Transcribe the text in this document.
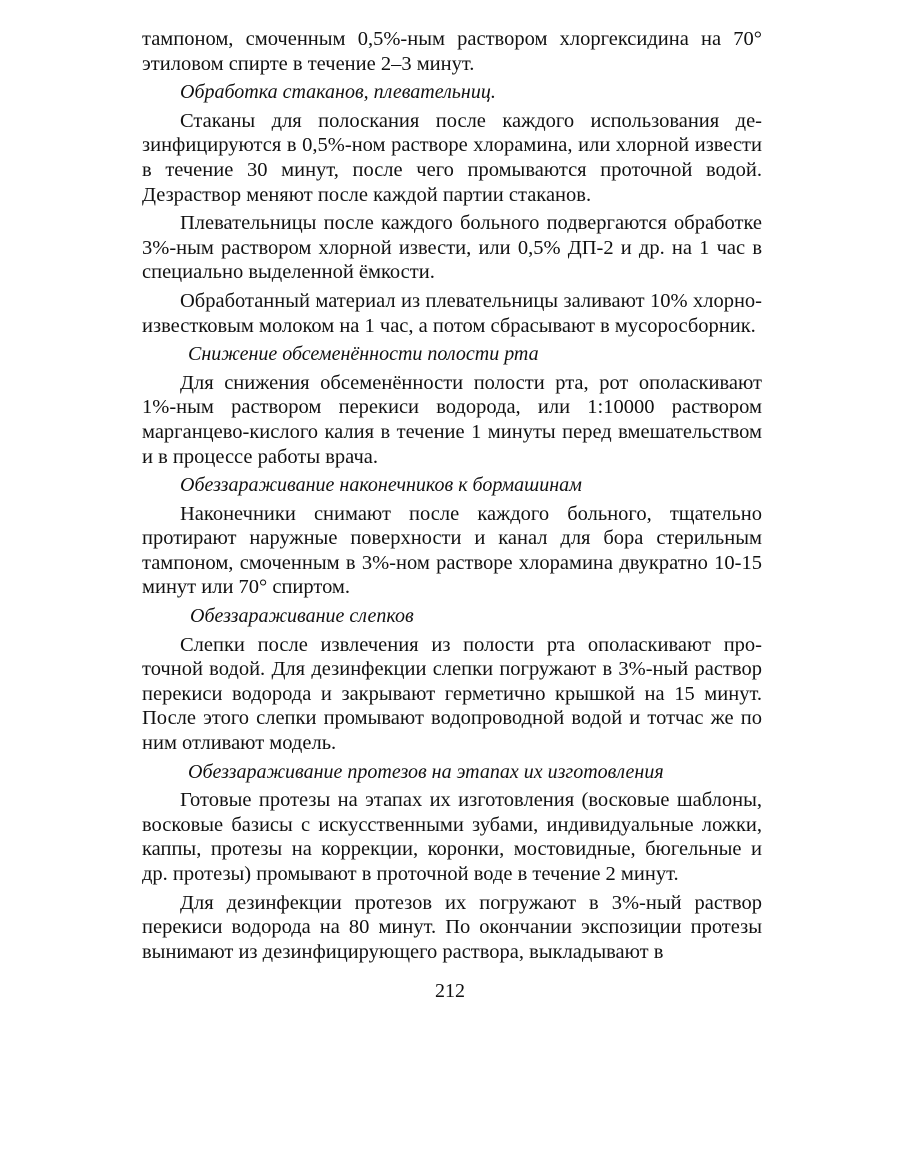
тампоном, смоченным 0,5%-ным раствором хлоргексидина на 70° этиловом спирте в течение 2–3 минут.

Обработка стаканов, плевательниц.

Стаканы для полоскания после каждого использования дезинфицируются в 0,5%-ном растворе хлорамина, или хлорной извести в течение 30 минут, после чего промываются проточной водой. Дезраствор меняют после каждой партии стаканов.

Плевательницы после каждого больного подвергаются обработке 3%-ным раствором хлорной извести, или 0,5% ДП-2 и др. на 1 час в специально выделенной ёмкости.

Обработанный материал из плевательницы заливают 10% хлорно-известковым молоком на 1 час, а потом сбрасывают в мусоросборник.

Снижение обсеменённости полости рта

Для снижения обсеменённости полости рта, рот ополаскивают 1%-ным раствором перекиси водорода, или 1:10000 раствором марганцево-кислого калия в течение 1 минуты перед вмешательством и в процессе работы врача.

Обеззараживание наконечников к бормашинам

Наконечники снимают после каждого больного, тщательно протирают наружные поверхности и канал для бора стерильным тампоном, смоченным в 3%-ном растворе хлорамина двукратно 10-15 минут или 70° спиртом.

Обеззараживание слепков

Слепки после извлечения из полости рта ополаскивают проточной водой. Для дезинфекции слепки погружают в 3%-ный раствор перекиси водорода и закрывают герметично крышкой на 15 минут. После этого слепки промывают водопроводной водой и тотчас же по ним отливают модель.

Обеззараживание протезов на этапах их изготовления

Готовые протезы на этапах их изготовления (восковые шаблоны, восковые базисы с искусственными зубами, индивидуальные ложки, каппы, протезы на коррекции, коронки, мостовидные, бюгельные и др. протезы) промывают в проточной воде в течение 2 минут.

Для дезинфекции протезов их погружают в 3%-ный раствор перекиси водорода на 80 минут. По окончании экспозиции протезы вынимают из дезинфицирующего раствора, выкладывают в

212
